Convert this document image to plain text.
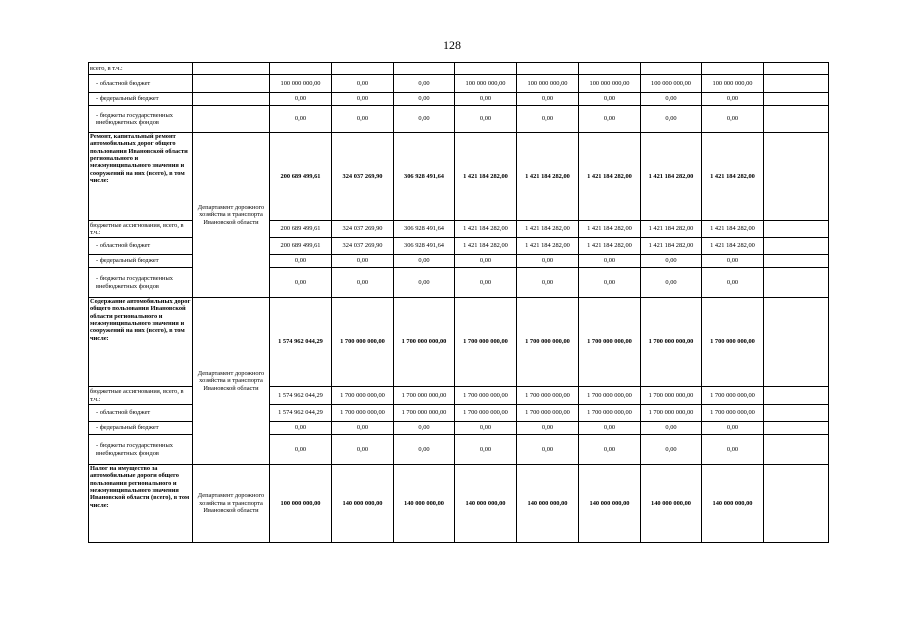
128
всего, в т.ч.:											
- областной бюджет		100 000 000,00	0,00	0,00	100 000 000,00	100 000 000,00	100 000 000,00	100 000 000,00	100 000 000,00		
- федеральный бюджет		0,00	0,00	0,00	0,00	0,00	0,00	0,00	0,00		
- бюджеты государственных внебюджетных фондов		0,00	0,00	0,00	0,00	0,00	0,00	0,00	0,00		
Ремонт, капитальный ремонт автомобильных дорог общего пользования Ивановской области регионального и межмуниципального значения и сооружений на них (всего), в том числе:	Департамент дорожного хозяйства и транспорта Ивановской области	200 689 499,61	324 037 269,90	306 928 491,64	1 421 184 282,00	1 421 184 282,00	1 421 184 282,00	1 421 184 282,00	1 421 184 282,00		
бюджетные ассигнования, всего, в т.ч.:		200 689 499,61	324 037 269,90	306 928 491,64	1 421 184 282,00	1 421 184 282,00	1 421 184 282,00	1 421 184 282,00	1 421 184 282,00		
- областной бюджет		200 689 499,61	324 037 269,90	306 928 491,64	1 421 184 282,00	1 421 184 282,00	1 421 184 282,00	1 421 184 282,00	1 421 184 282,00		
- федеральный бюджет		0,00	0,00	0,00	0,00	0,00	0,00	0,00	0,00		
- бюджеты государственных внебюджетных фондов		0,00	0,00	0,00	0,00	0,00	0,00	0,00	0,00		
Содержание автомобильных дорог общего пользования Ивановской области регионального и межмуниципального значения и сооружений на них (всего), в том числе:	Департамент дорожного хозяйства и транспорта Ивановской области	1 574 962 044,29	1 700 000 000,00	1 700 000 000,00	1 700 000 000,00	1 700 000 000,00	1 700 000 000,00	1 700 000 000,00	1 700 000 000,00		
бюджетные ассигнования, всего, в т.ч.:		1 574 962 044,29	1 700 000 000,00	1 700 000 000,00	1 700 000 000,00	1 700 000 000,00	1 700 000 000,00	1 700 000 000,00	1 700 000 000,00		
- областной бюджет		1 574 962 044,29	1 700 000 000,00	1 700 000 000,00	1 700 000 000,00	1 700 000 000,00	1 700 000 000,00	1 700 000 000,00	1 700 000 000,00		
- федеральный бюджет		0,00	0,00	0,00	0,00	0,00	0,00	0,00	0,00		
- бюджеты государственных внебюджетных фондов		0,00	0,00	0,00	0,00	0,00	0,00	0,00	0,00		
Налог на имущество за автомобильные дороги общего пользования регионального и межмуниципального значения Ивановской области (всего), в том числе:	Департамент дорожного хозяйства и транспорта Ивановской области	100 000 000,00	140 000 000,00	140 000 000,00	140 000 000,00	140 000 000,00	140 000 000,00	140 000 000,00	140 000 000,00		
